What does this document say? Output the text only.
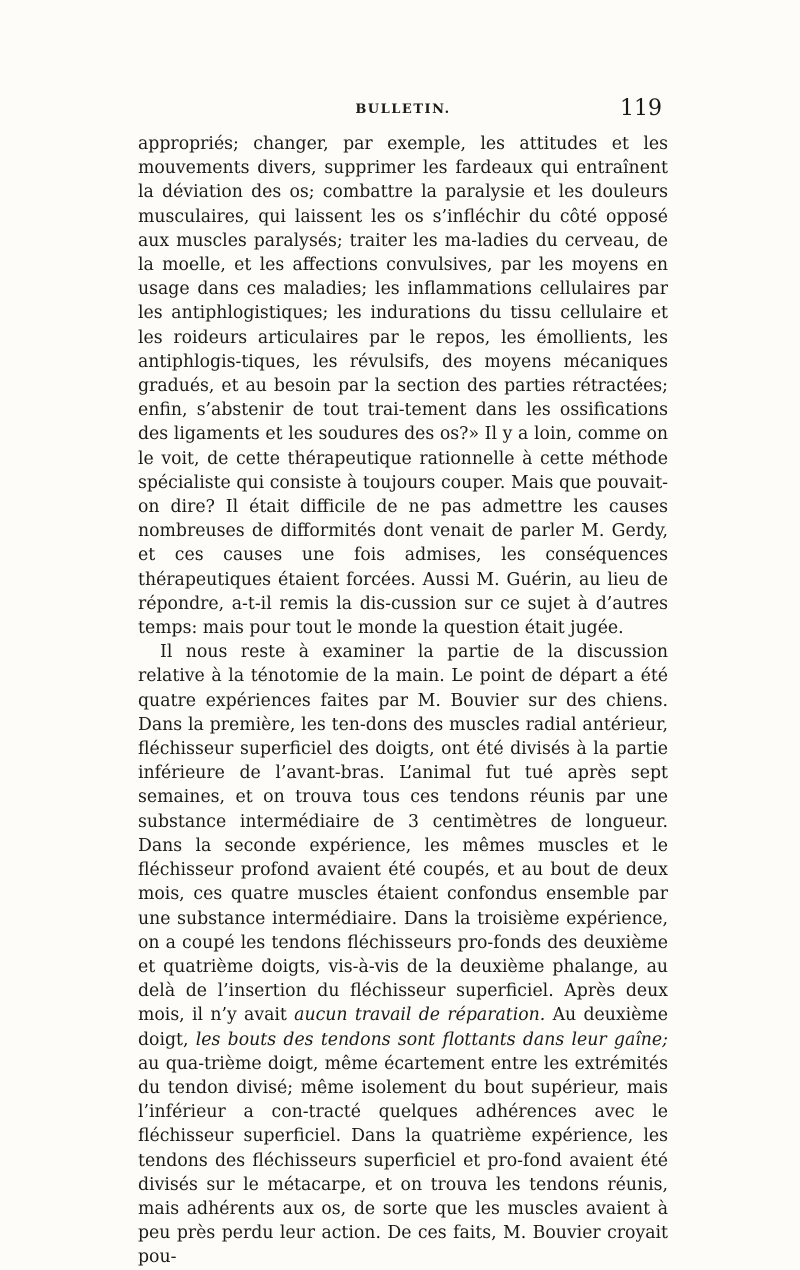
BULLETIN.	119

appropriés; changer, par exemple, les attitudes et les mouvements divers, supprimer les fardeaux qui entraînent la déviation des os; combattre la paralysie et les douleurs musculaires, qui laissent les os s’infléchir du côté opposé aux muscles paralysés; traiter les ma-ladies du cerveau, de la moelle, et les affections convulsives, par les moyens en usage dans ces maladies; les inflammations cellulaires par les antiphlogistiques; les indurations du tissu cellulaire et les roideurs articulaires par le repos, les émollients, les antiphlogis-tiques, les révulsifs, des moyens mécaniques gradués, et au besoin par la section des parties rétractées; enfin, s’abstenir de tout trai-tement dans les ossifications des ligaments et les soudures des os?» Il y a loin, comme on le voit, de cette thérapeutique rationnelle à cette méthode spécialiste qui consiste à toujours couper. Mais que pouvait-on dire? Il était difficile de ne pas admettre les causes nombreuses de difformités dont venait de parler M. Gerdy, et ces causes une fois admises, les conséquences thérapeutiques étaient forcées. Aussi M. Guérin, au lieu de répondre, a-t-il remis la dis-cussion sur ce sujet à d’autres temps: mais pour tout le monde la question était jugée.

Il nous reste à examiner la partie de la discussion relative à la ténotomie de la main. Le point de départ a été quatre expériences faites par M. Bouvier sur des chiens. Dans la première, les ten-dons des muscles radial antérieur, fléchisseur superficiel des doigts, ont été divisés à la partie inférieure de l’avant-bras. L’animal fut tué après sept semaines, et on trouva tous ces tendons réunis par une substance intermédiaire de 3 centimètres de longueur. Dans la seconde expérience, les mêmes muscles et le fléchisseur profond avaient été coupés, et au bout de deux mois, ces quatre muscles étaient confondus ensemble par une substance intermédiaire. Dans la troisième expérience, on a coupé les tendons fléchisseurs pro-fonds des deuxième et quatrième doigts, vis-à-vis de la deuxième phalange, au delà de l’insertion du fléchisseur superficiel. Après deux mois, il n’y avait aucun travail de réparation. Au deuxième doigt, les bouts des tendons sont flottants dans leur gaîne; au qua-trième doigt, même écartement entre les extrémités du tendon divisé; même isolement du bout supérieur, mais l’inférieur a con-tracté quelques adhérences avec le fléchisseur superficiel. Dans la quatrième expérience, les tendons des fléchisseurs superficiel et pro-fond avaient été divisés sur le métacarpe, et on trouva les tendons réunis, mais adhérents aux os, de sorte que les muscles avaient à peu près perdu leur action. De ces faits, M. Bouvier croyait pou-
